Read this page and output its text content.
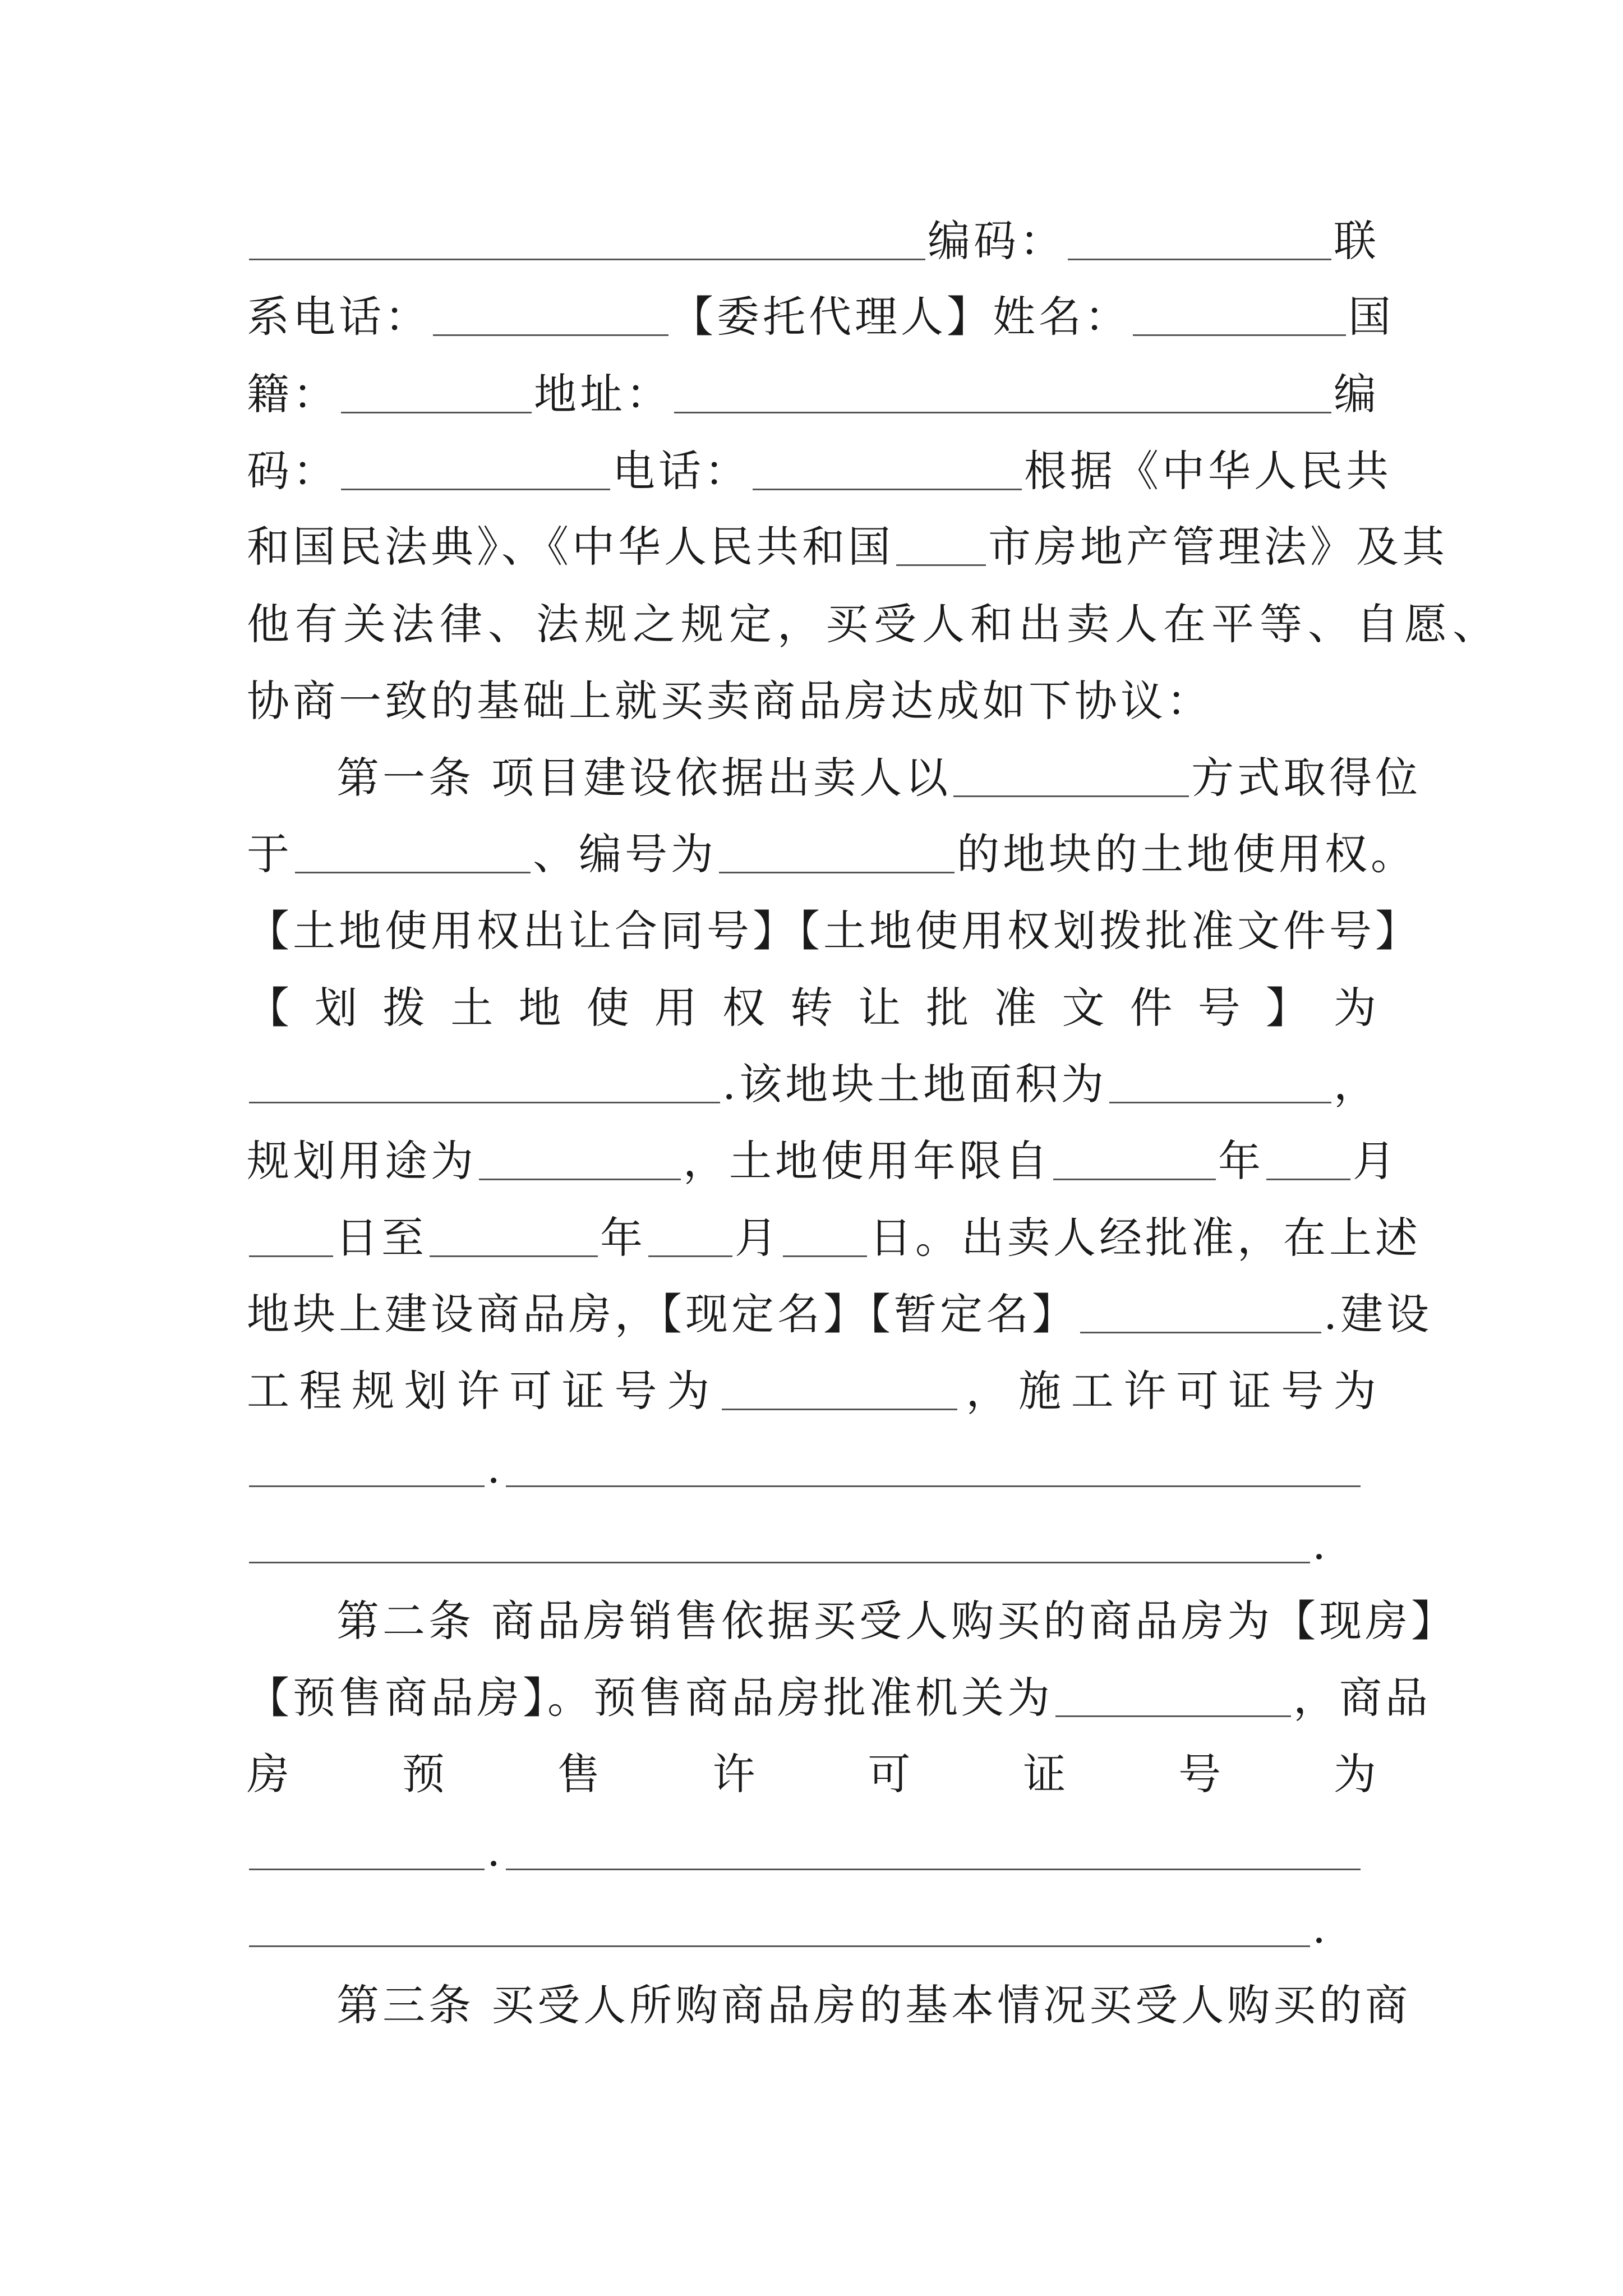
编码：	联
系电话：	【委托代理人】姓名：	国
籍：	地址：	编
码：	电话：	根据《中华人民共
和国民法典》、《中华人民共和国 市房地产管理法》及其
他有关法律、法规之规定，买受人和出卖人在平等、自愿、
协商一致的基础上就买卖商品房达成如下协议：
第一条 项目建设依据出卖人以	方式取得位
于	、编号为	的地块的土地使用权。
【土地使用权出让合同号】【土地使用权划拨批准文件号】
【 划 拨 土 地 使 用 权 转 让 批 准 文 件 号 】 为
.该地块土地面积为	，
规划用途为	，土地使用年限自	年 月
日至	年 月 日。出卖人经批准，在上述
地块上建设商品房，【现定名】【暂定名】	.建设
工 程 规 划 许 可 证 号 为	， 施 工 许 可 证 号 为
.
.
第二条 商品房销售依据买受人购买的商品房为【现房】
【预售商品房】。预售商品房批准机关为	，商品
房	预	售	许	可	证	号	为
.
.
第三条 买受人所购商品房的基本情况买受人购买的商
